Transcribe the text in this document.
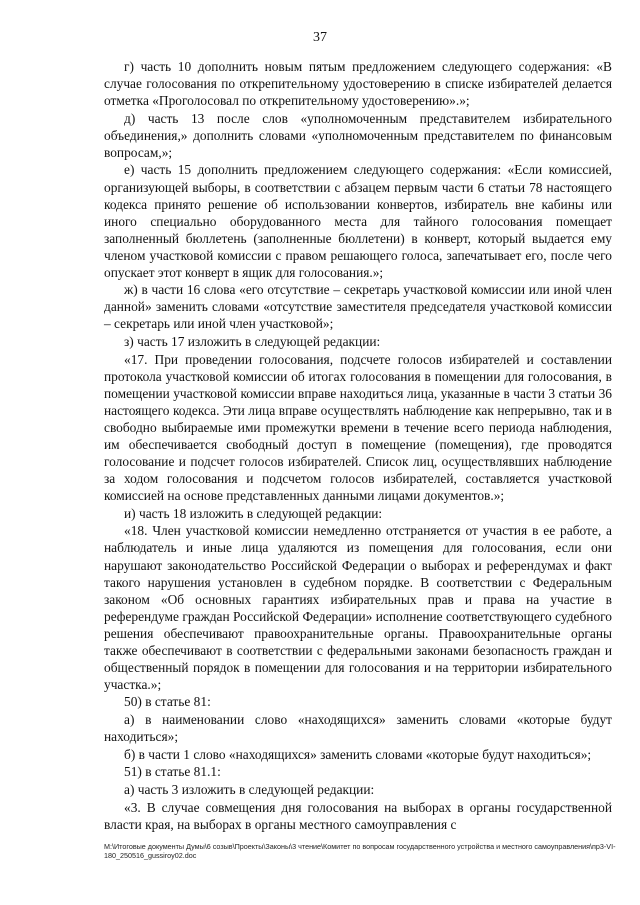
37

г) часть 10 дополнить новым пятым предложением следующего содержания: «В случае голосования по открепительному удостоверению в списке избирателей делается отметка «Проголосовал по открепительному удостоверению».»;

д) часть 13 после слов «уполномоченным представителем избирательного объединения,» дополнить словами «уполномоченным представителем по финансовым вопросам,»;

е) часть 15 дополнить предложением следующего содержания: «Если комиссией, организующей выборы, в соответствии с абзацем первым части 6 статьи 78 настоящего кодекса принято решение об использовании конвертов, избиратель вне кабины или иного специально оборудованного места для тайного голосования помещает заполненный бюллетень (заполненные бюллетени) в конверт, который выдается ему членом участковой комиссии с правом решающего голоса, запечатывает его, после чего опускает этот конверт в ящик для голосования.»;

ж) в части 16 слова «его отсутствие – секретарь участковой комиссии или иной член данной» заменить словами «отсутствие заместителя председателя участковой комиссии – секретарь или иной член участковой»;

з) часть 17 изложить в следующей редакции:

«17. При проведении голосования, подсчете голосов избирателей и составлении протокола участковой комиссии об итогах голосования в помещении для голосования, в помещении участковой комиссии вправе находиться лица, указанные в части 3 статьи 36 настоящего кодекса. Эти лица вправе осуществлять наблюдение как непрерывно, так и в свободно выбираемые ими промежутки времени в течение всего периода наблюдения, им обеспечивается свободный доступ в помещение (помещения), где проводятся голосование и подсчет голосов избирателей. Список лиц, осуществлявших наблюдение за ходом голосования и подсчетом голосов избирателей, составляется участковой комиссией на основе представленных данными лицами документов.»;

и) часть 18 изложить в следующей редакции:

«18. Член участковой комиссии немедленно отстраняется от участия в ее работе, а наблюдатель и иные лица удаляются из помещения для голосования, если они нарушают законодательство Российской Федерации о выборах и референдумах и факт такого нарушения установлен в судебном порядке. В соответствии с Федеральным законом «Об основных гарантиях избирательных прав и права на участие в референдуме граждан Российской Федерации» исполнение соответствующего судебного решения обеспечивают правоохранительные органы. Правоохранительные органы также обеспечивают в соответствии с федеральными законами безопасность граждан и общественный порядок в помещении для голосования и на территории избирательного участка.»;

50) в статье 81:

а) в наименовании слово «находящихся» заменить словами «которые будут находиться»;

б) в части 1 слово «находящихся» заменить словами «которые будут находиться»;

51) в статье 81.1:

а) часть 3 изложить в следующей редакции:

«3. В случае совмещения дня голосования на выборах в органы государственной власти края, на выборах в органы местного самоуправления с

M:\Итоговые документы Думы\6 созыв\Проекты\Законы\3 чтение\Комитет по вопросам государственного устройства и местного самоуправления\пр3-VI-180_250516_gussiroy02.doc
